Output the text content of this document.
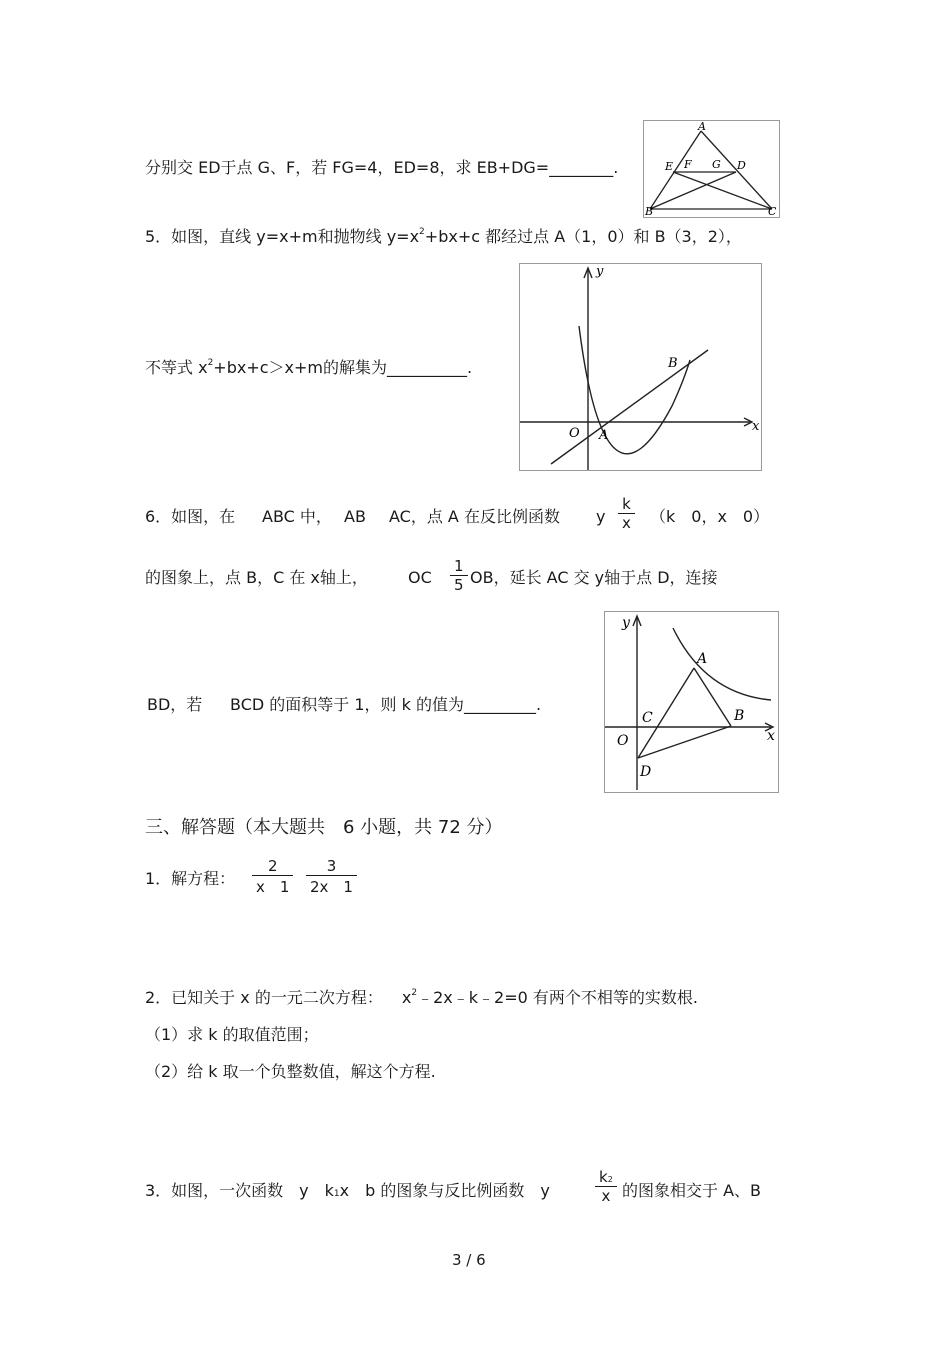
分别交 ED于点 G、F，若 FG=4，ED=8，求 EB+DG=________.
A
E F G D
B	C
5．如图，直线 y=x+m和抛物线 $y=x^2+bx+c$ 都经过点 A（1，0）和 B（3，2），
不等式 $x^2+bx+c>x+m$的解集为__________.
y
x
O A
B
6．如图，在 ABC 中， AB AC，点 A 在反比例函数 y
k
x （k　0，x　0）
的图象上，点 B，C 在 x轴上，	OC
1
5 OB，延长 AC 交 y轴于点 D，连接
BD，若 BCD 的面积等于 1，则 k 的值为_________.
y
x
O
A
B
C
D
三、解答题（本大题共　6 小题，共 72 分）
1．解方程：
2
x　1
3
2x　1
2．已知关于 x 的一元二次方程： $x^2﹣2x﹣k﹣2=0$ 有两个不相等的实数根.
（1）求 k 的取值范围；
（2）给 k 取一个负整数值，解这个方程.
3．如图，一次函数　y　k1x　b 的图象与反比例函数　y
k2
x 的图象相交于 A、B
3 / 6
